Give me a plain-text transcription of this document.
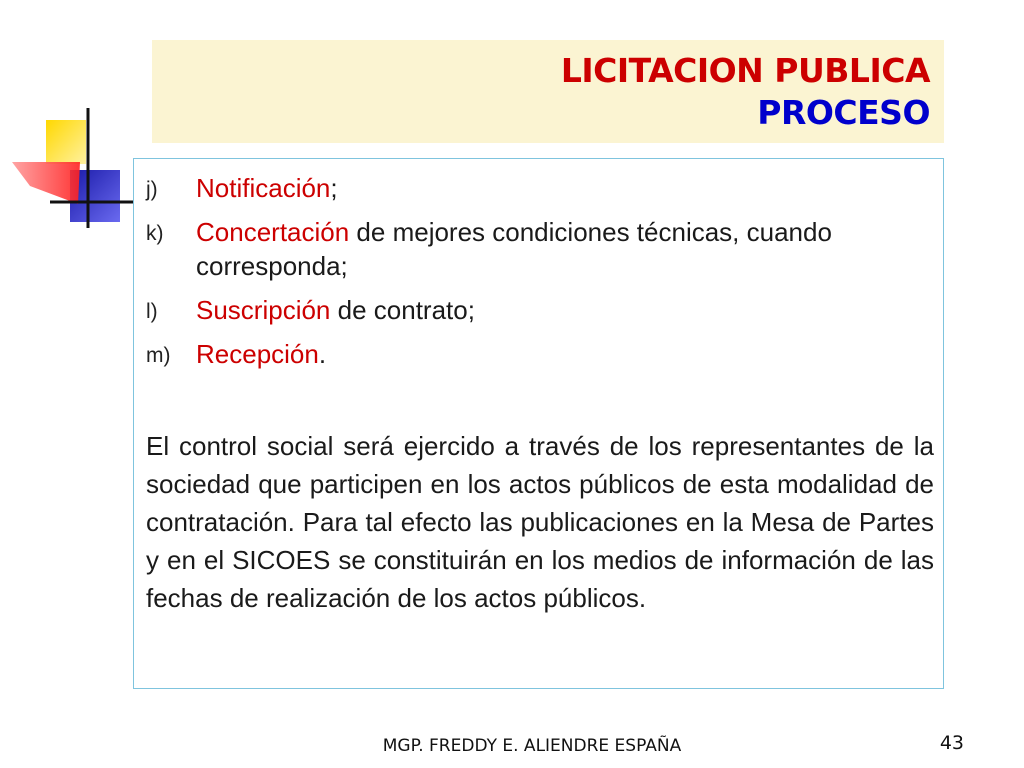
LICITACION PUBLICA
PROCESO
j) Notificación;
k) Concertación de mejores condiciones técnicas, cuando corresponda;
l) Suscripción de contrato;
m) Recepción.

El control social será ejercido a través de los representantes de la sociedad que participen en los actos públicos de esta modalidad de contratación. Para tal efecto las publicaciones en la Mesa de Partes y en el SICOES se constituirán en los medios de información de las fechas de realización de los actos públicos.

MGP. FREDDY E. ALIENDRE ESPAÑA	43
